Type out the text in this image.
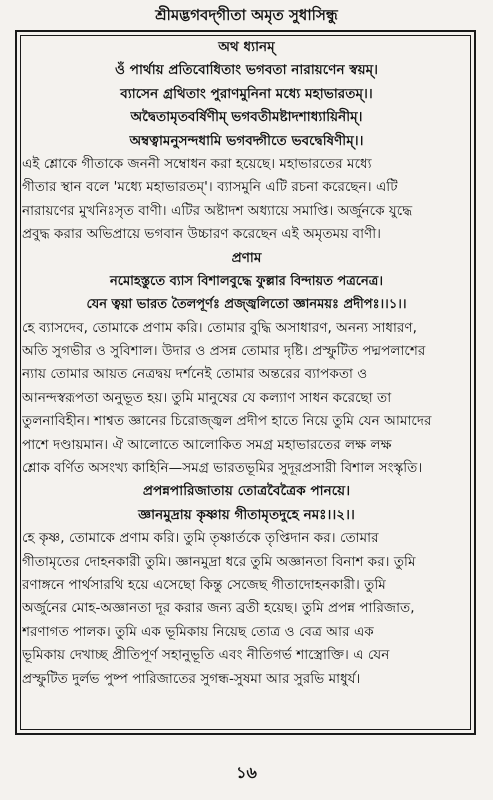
শ্রীমদ্ভগবদ্‌গীতা অমৃত সুধাসিন্ধু
অথ ধ্যানম্‌
ওঁ পার্থায় প্রতিবোধিতাং ভগবতা নারায়ণেন স্বয়ম্‌।
ব্যাসেন গ্রথিতাং পুরাণমুনিনা মধ্যে মহাভারতম্‌।।
অদ্বৈতামৃতবর্ষিণীম্‌ ভগবতীমষ্টাদশাধ্যায়িনীম্‌।
অম্বত্বামনুসন্দধামি ভগবদ্গীতে ভবদ্বেষিণীম্‌।।
এই শ্লোকে গীতাকে জননী সম্বোধন করা হয়েছে। মহাভারতের মধ্যে
গীতার স্থান বলে 'মধ্যে মহাভারতম্‌'। ব্যাসমুনি এটি রচনা করেছেন। এটি
নারায়ণের মুখনিঃসৃত বাণী। এটির অষ্টাদশ অধ্যায়ে সমাপ্তি। অর্জুনকে যুদ্ধে
প্রবুদ্ধ করার অভিপ্রায়ে ভগবান উচ্চারণ করেছেন এই অমৃতময় বাণী।
প্রণাম
নমোহস্তুতে ব্যাস বিশালবুদ্ধে ফুল্লার বিন্দায়ত পত্রনেত্র।
যেন ত্বয়া ভারত তৈলপূর্ণঃ প্রজ্জ্বলিতো জ্ঞানময়ঃ প্রদীপঃ।।১।।
হে ব্যাসদেব, তোমাকে প্রণাম করি। তোমার বুদ্ধি অসাধারণ, অনন্য সাধারণ,
অতি সুগভীর ও সুবিশাল। উদার ও প্রসন্ন তোমার দৃষ্টি। প্রস্ফুটিত পদ্মপলাশের
ন্যায় তোমার আয়ত নেত্রদ্বয় দর্শনেই তোমার অন্তরের ব্যাপকতা ও
আনন্দস্বরূপতা অনুভূত হয়। তুমি মানুষের যে কল্যাণ সাধন করেছো তা
তুলনাবিহীন। শাশ্বত জ্ঞানের চিরোজ্জ্বল প্রদীপ হাতে নিয়ে তুমি যেন আমাদের
পাশে দণ্ডায়মান। ঐ আলোতে আলোকিত সমগ্র মহাভারতের লক্ষ লক্ষ
শ্লোক বর্ণিত অসংখ্য কাহিনি—সমগ্র ভারতভূমির সুদূরপ্রসারী বিশাল সংস্কৃতি।
প্রপন্নপারিজাতায় তোত্রবৈত্রৈক পানয়ে।
জ্ঞানমুদ্রায় কৃষ্ণায় গীতামৃতদুহে নমঃ।।২।।
হে কৃষ্ণ, তোমাকে প্রণাম করি। তুমি তৃষ্ণার্তকে তৃপ্তিদান কর। তোমার
গীতামৃতের দোহনকারী তুমি। জ্ঞানমুদ্রা ধরে তুমি অজ্ঞানতা বিনাশ কর। তুমি
রণাঙ্গনে পার্থসারথি হয়ে এসেছো কিন্তু সেজেছ গীতাদোহনকারী। তুমি
অর্জুনের মোহ-অজ্ঞানতা দূর করার জন্য ব্রতী হয়েছ। তুমি প্রপন্ন পারিজাত,
শরণাগত পালক। তুমি এক ভূমিকায় নিয়েছ তোত্র ও বেত্র আর এক
ভূমিকায় দেখাচ্ছ প্রীতিপূর্ণ সহানুভূতি এবং নীতিগর্ভ শাস্ত্রোক্তি। এ যেন
প্রস্ফুটিত দুর্লভ পুষ্প পারিজাতের সুগন্ধ-সুষমা আর সুরভি মাধুর্য।
১৬
